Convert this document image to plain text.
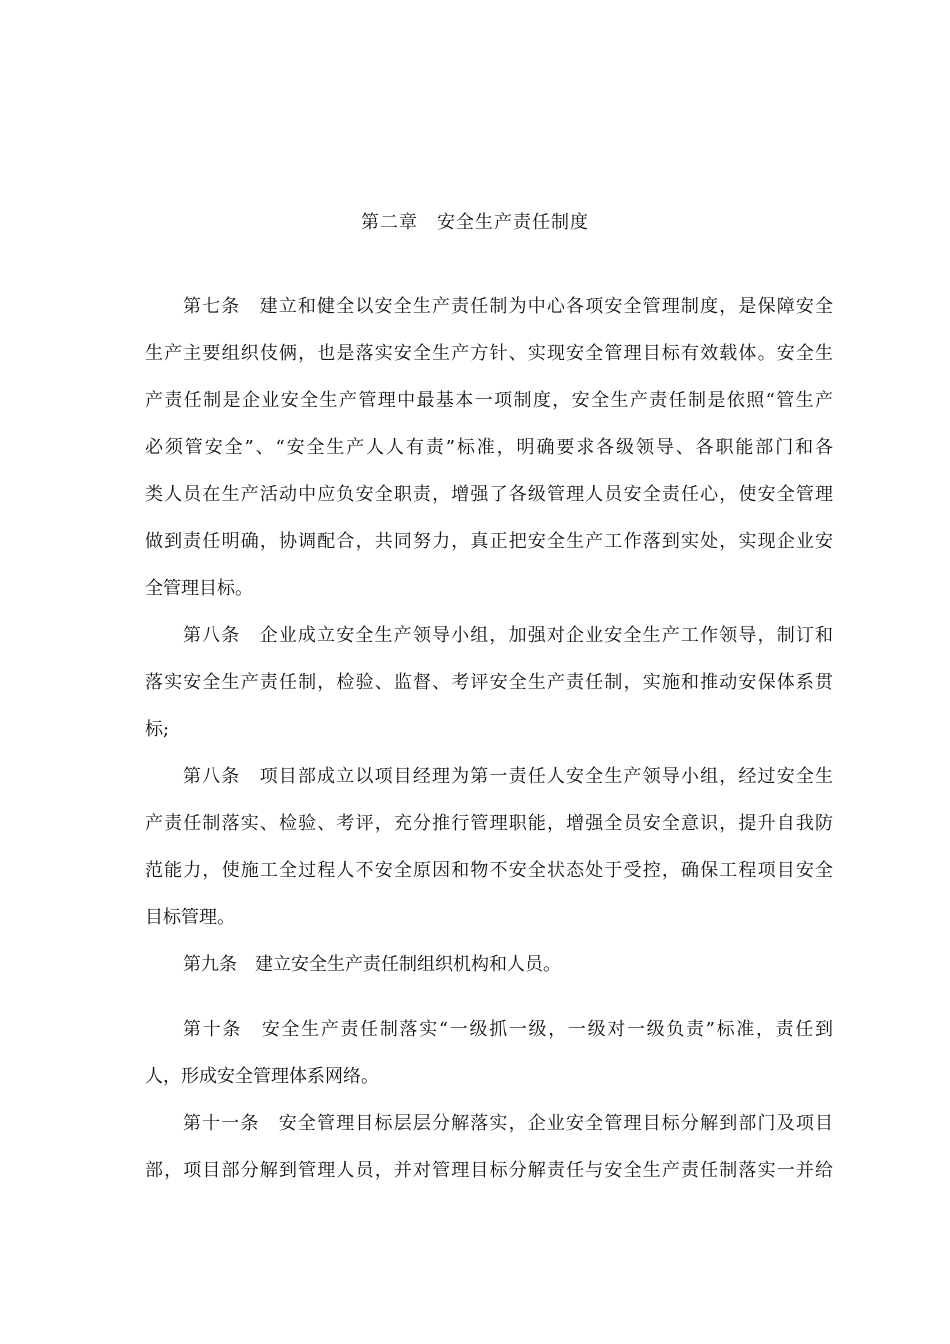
第二章　安全生产责任制度
第七条　建立和健全以安全生产责任制为中心各项安全管理制度，是保障安全
生产主要组织伎俩，也是落实安全生产方针、实现安全管理目标有效载体。安全生
产责任制是企业安全生产管理中最基本一项制度，安全生产责任制是依照“管生产
必须管安全”、“安全生产人人有责”标准，明确要求各级领导、各职能部门和各
类人员在生产活动中应负安全职责，增强了各级管理人员安全责任心，使安全管理
做到责任明确，协调配合，共同努力，真正把安全生产工作落到实处，实现企业安
全管理目标。
第八条　企业成立安全生产领导小组，加强对企业安全生产工作领导，制订和
落实安全生产责任制，检验、监督、考评安全生产责任制，实施和推动安保体系贯
标;
第八条　项目部成立以项目经理为第一责任人安全生产领导小组，经过安全生
产责任制落实、检验、考评，充分推行管理职能，增强全员安全意识，提升自我防
范能力，使施工全过程人不安全原因和物不安全状态处于受控，确保工程项目安全
目标管理。
第九条　建立安全生产责任制组织机构和人员。
第十条　安全生产责任制落实“一级抓一级，一级对一级负责”标准，责任到
人，形成安全管理体系网络。
第十一条　安全管理目标层层分解落实，企业安全管理目标分解到部门及项目
部，项目部分解到管理人员，并对管理目标分解责任与安全生产责任制落实一并给
